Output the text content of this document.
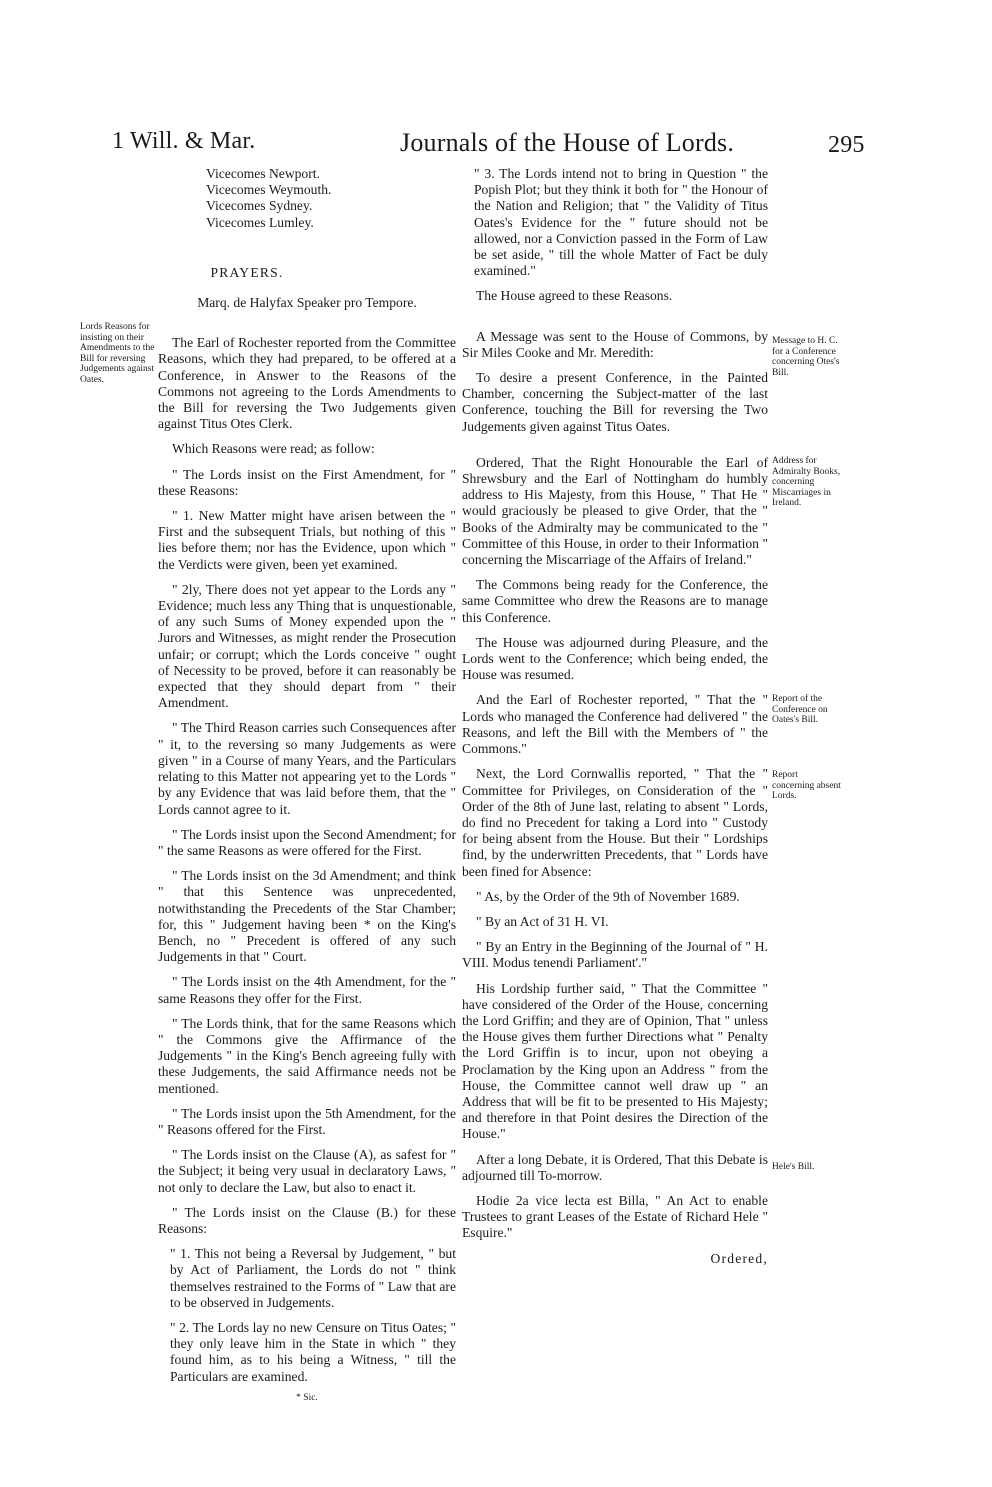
1 Will. & Mar.	Journals of the House of Lords.	295

Vicecomes Newport.

Vicecomes Weymouth.

Vicecomes Sydney.

Vicecomes Lumley.

PRAYERS.

Marq. de Halyfax Speaker pro Tempore.

The Earl of Rochester reported from the Committee Reasons, which they had prepared, to be offered at a Conference, in Answer to the Reasons of the Commons not agreeing to the Lords Amendments to the Bill for reversing the Two Judgements given against Titus Otes Clerk.

Which Reasons were read; as follow:

" The Lords insist on the First Amendment, for " these Reasons:

" 1. New Matter might have arisen between the " First and the subsequent Trials, but nothing of this " lies before them; nor has the Evidence, upon which " the Verdicts were given, been yet examined.

" 2ly, There does not yet appear to the Lords any " Evidence; much less any Thing that is unquestionable, of any such Sums of Money expended upon the " Jurors and Witnesses, as might render the Prosecution unfair; or corrupt; which the Lords conceive " ought of Necessity to be proved, before it can reasonably be expected that they should depart from " their Amendment.

" The Third Reason carries such Consequences after " it, to the reversing so many Judgements as were given " in a Course of many Years, and the Particulars relating to this Matter not appearing yet to the Lords " by any Evidence that was laid before them, that the " Lords cannot agree to it.

" The Lords insist upon the Second Amendment; for " the same Reasons as were offered for the First.

" The Lords insist on the 3d Amendment; and think " that this Sentence was unprecedented, notwithstanding the Precedents of the Star Chamber; for, this " Judgement having been * on the King's Bench, no " Precedent is offered of any such Judgements in that " Court.

" The Lords insist on the 4th Amendment, for the " same Reasons they offer for the First.

" The Lords think, that for the same Reasons which " the Commons give the Affirmance of the Judgements " in the King's Bench agreeing fully with these Judgements, the said Affirmance needs not be mentioned.

" The Lords insist upon the 5th Amendment, for the " Reasons offered for the First.

" The Lords insist on the Clause (A), as safest for " the Subject; it being very usual in declaratory Laws, " not only to declare the Law, but also to enact it.

" The Lords insist on the Clause (B.) for these Reasons:

" 1. This not being a Reversal by Judgement, " but by Act of Parliament, the Lords do not " think themselves restrained to the Forms of " Law that are to be observed in Judgements.

" 2. The Lords lay no new Censure on Titus Oates; " they only leave him in the State in which " they found him, as to his being a Witness, " till the Particulars are examined.

* Sic.

" 3. The Lords intend not to bring in Question " the Popish Plot; but they think it both for " the Honour of the Nation and Religion; that " the Validity of Titus Oates's Evidence for the " future should not be allowed, nor a Conviction passed in the Form of Law be set aside, " till the whole Matter of Fact be duly examined."

The House agreed to these Reasons.

A Message was sent to the House of Commons, by Sir Miles Cooke and Mr. Meredith:

To desire a present Conference, in the Painted Chamber, concerning the Subject-matter of the last Conference, touching the Bill for reversing the Two Judgements given against Titus Oates.

Ordered, That the Right Honourable the Earl of Shrewsbury and the Earl of Nottingham do humbly address to His Majesty, from this House, " That He " would graciously be pleased to give Order, that the " Books of the Admiralty may be communicated to the " Committee of this House, in order to their Information " concerning the Miscarriage of the Affairs of Ireland."

The Commons being ready for the Conference, the same Committee who drew the Reasons are to manage this Conference.

The House was adjourned during Pleasure, and the Lords went to the Conference; which being ended, the House was resumed.

And the Earl of Rochester reported, " That the " Lords who managed the Conference had delivered " the Reasons, and left the Bill with the Members of " the Commons."

Next, the Lord Cornwallis reported, " That the " Committee for Privileges, on Consideration of the " Order of the 8th of June last, relating to absent " Lords, do find no Precedent for taking a Lord into " Custody for being absent from the House. But their " Lordships find, by the underwritten Precedents, that " Lords have been fined for Absence:

" As, by the Order of the 9th of November 1689.

" By an Act of 31 H. VI.

" By an Entry in the Beginning of the Journal of " H. VIII. Modus tenendi Parliament'."

His Lordship further said, " That the Committee " have considered of the Order of the House, concerning the Lord Griffin; and they are of Opinion, That " unless the House gives them further Directions what " Penalty the Lord Griffin is to incur, upon not obeying a Proclamation by the King upon an Address " from the House, the Committee cannot well draw up " an Address that will be fit to be presented to His Majesty; and therefore in that Point desires the Direction of the House."

After a long Debate, it is Ordered, That this Debate is adjourned till To-morrow.

Hodie 2a vice lecta est Billa, " An Act to enable Trustees to grant Leases of the Estate of Richard Hele " Esquire."

Ordered,

Lords Reasons for insisting on their Amendments to the Bill for reversing Judgements against Oates.
Message to H. C. for a Conference concerning Otes's Bill.
Address for Admiralty Books, concerning Miscarriages in Ireland.
Report of the Conference on Oates's Bill.
Report concerning absent Lords.
Hele's Bill.
